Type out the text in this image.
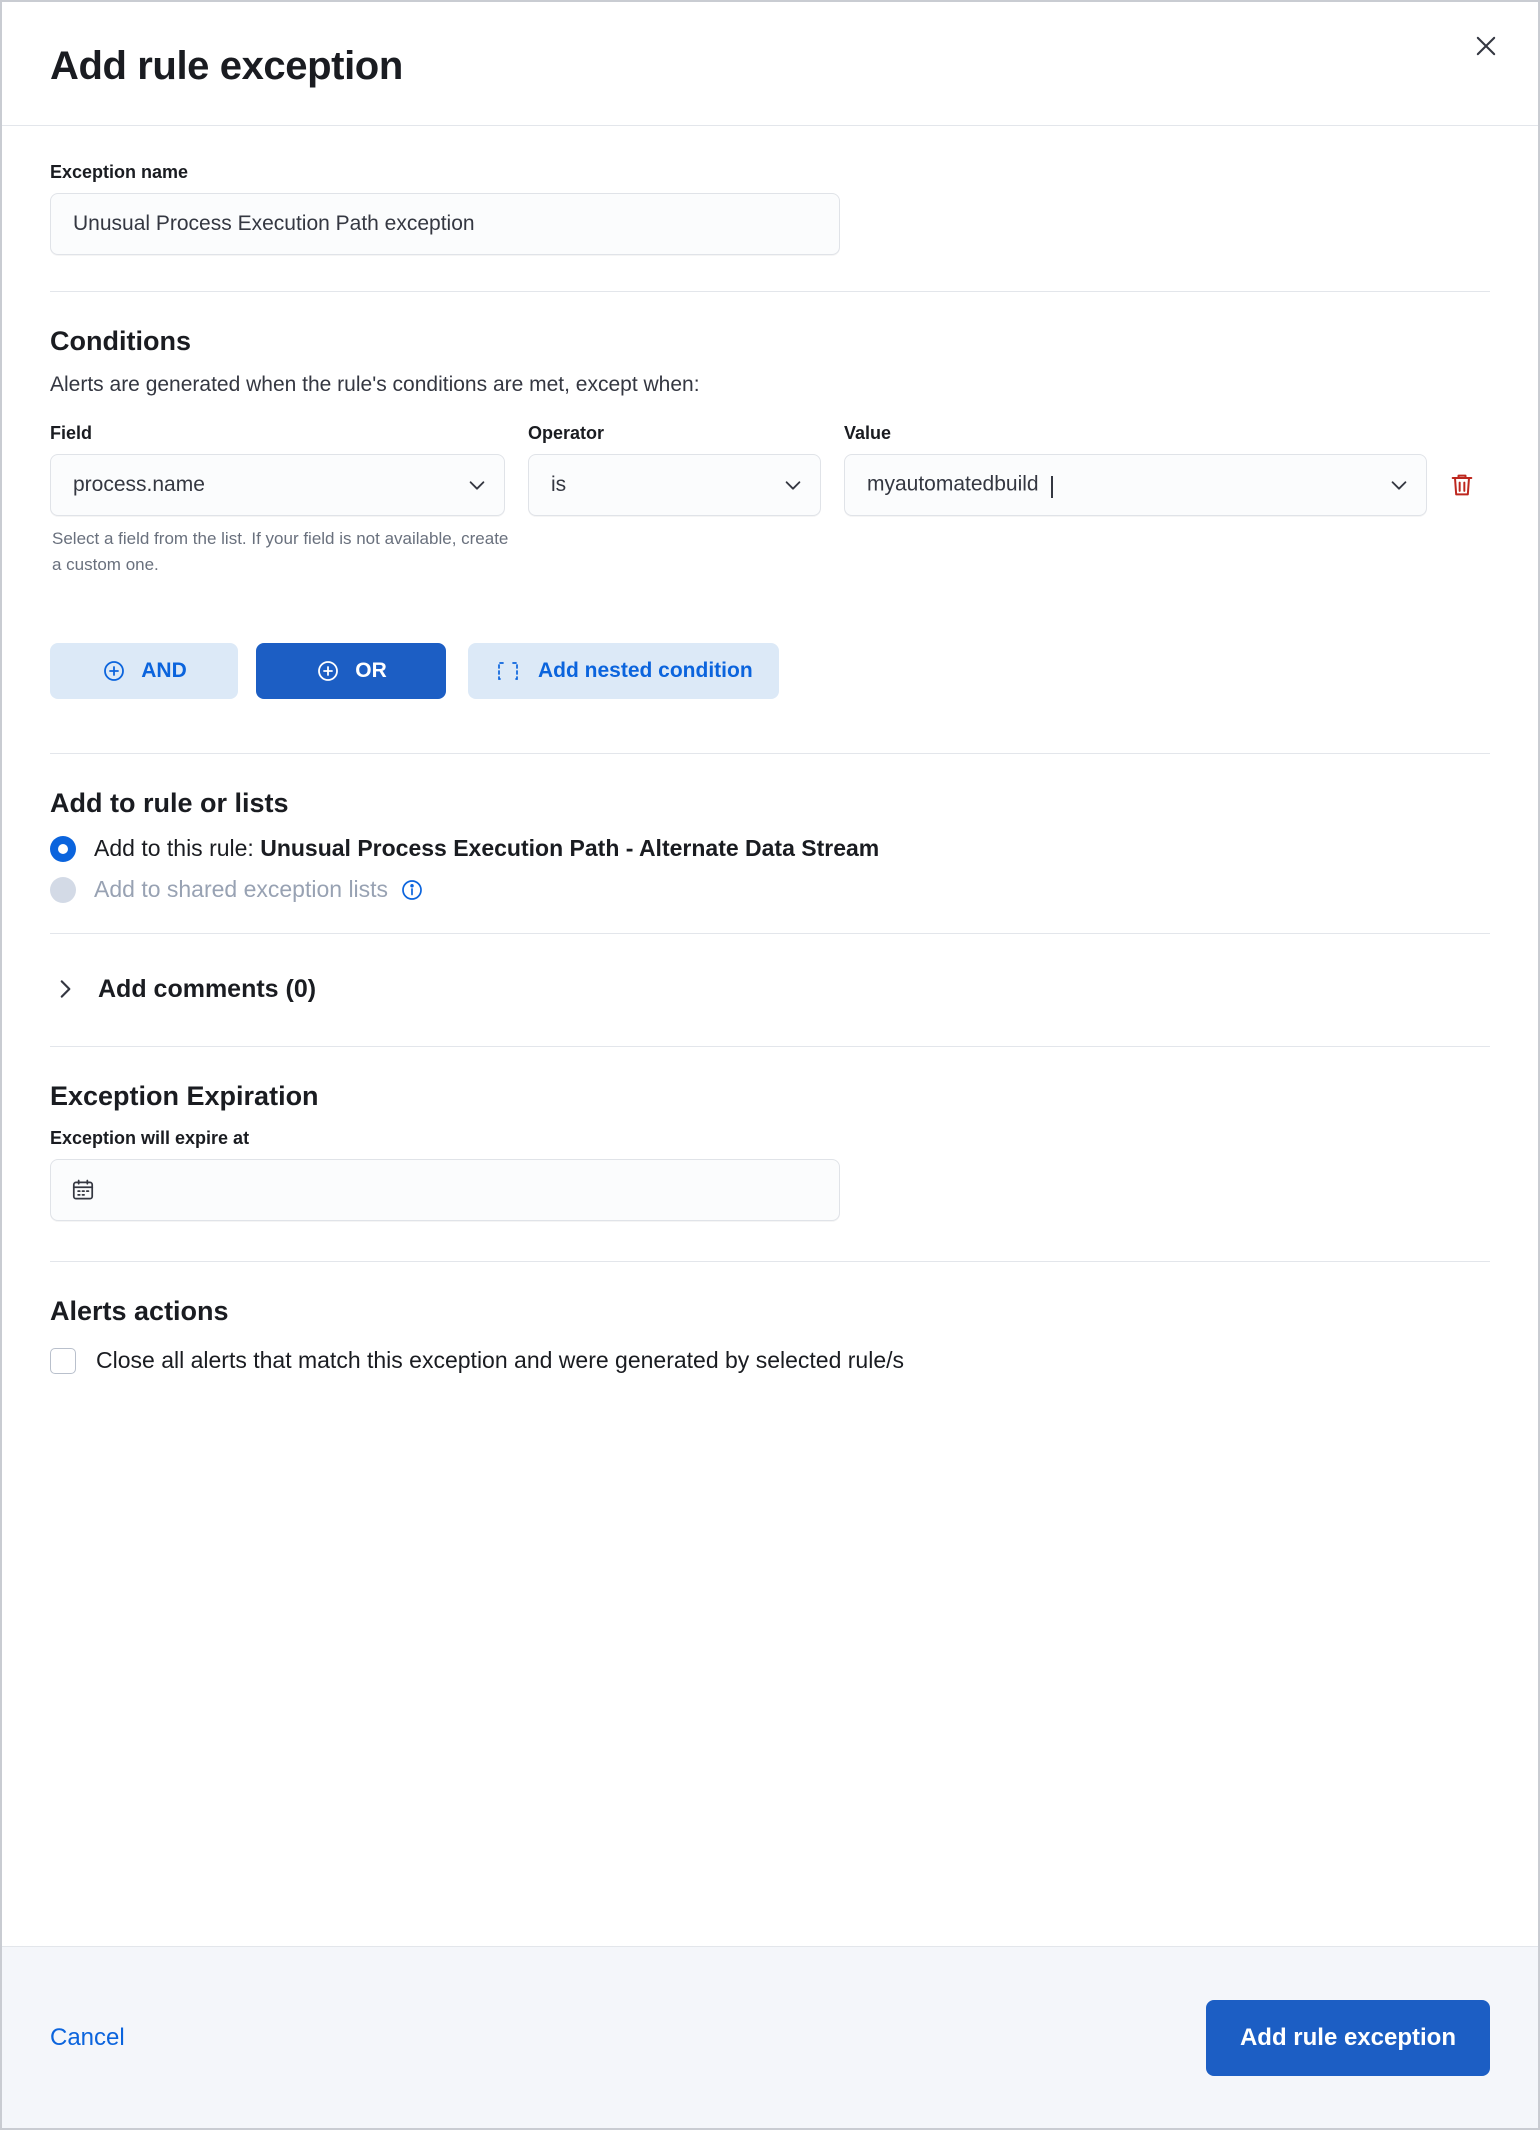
Add rule exception
Exception name
Unusual Process Execution Path exception
Conditions
Alerts are generated when the rule's conditions are met, except when:
Field	Operator	Value
process.name	is	myautomatedbuild
Select a field from the list. If your field is not available, create a custom one.
AND	OR	Add nested condition
Add to rule or lists
Add to this rule: Unusual Process Execution Path - Alternate Data Stream
Add to shared exception lists
Add comments (0)
Exception Expiration
Exception will expire at
Alerts actions
Close all alerts that match this exception and were generated by selected rule/s
Cancel	Add rule exception
